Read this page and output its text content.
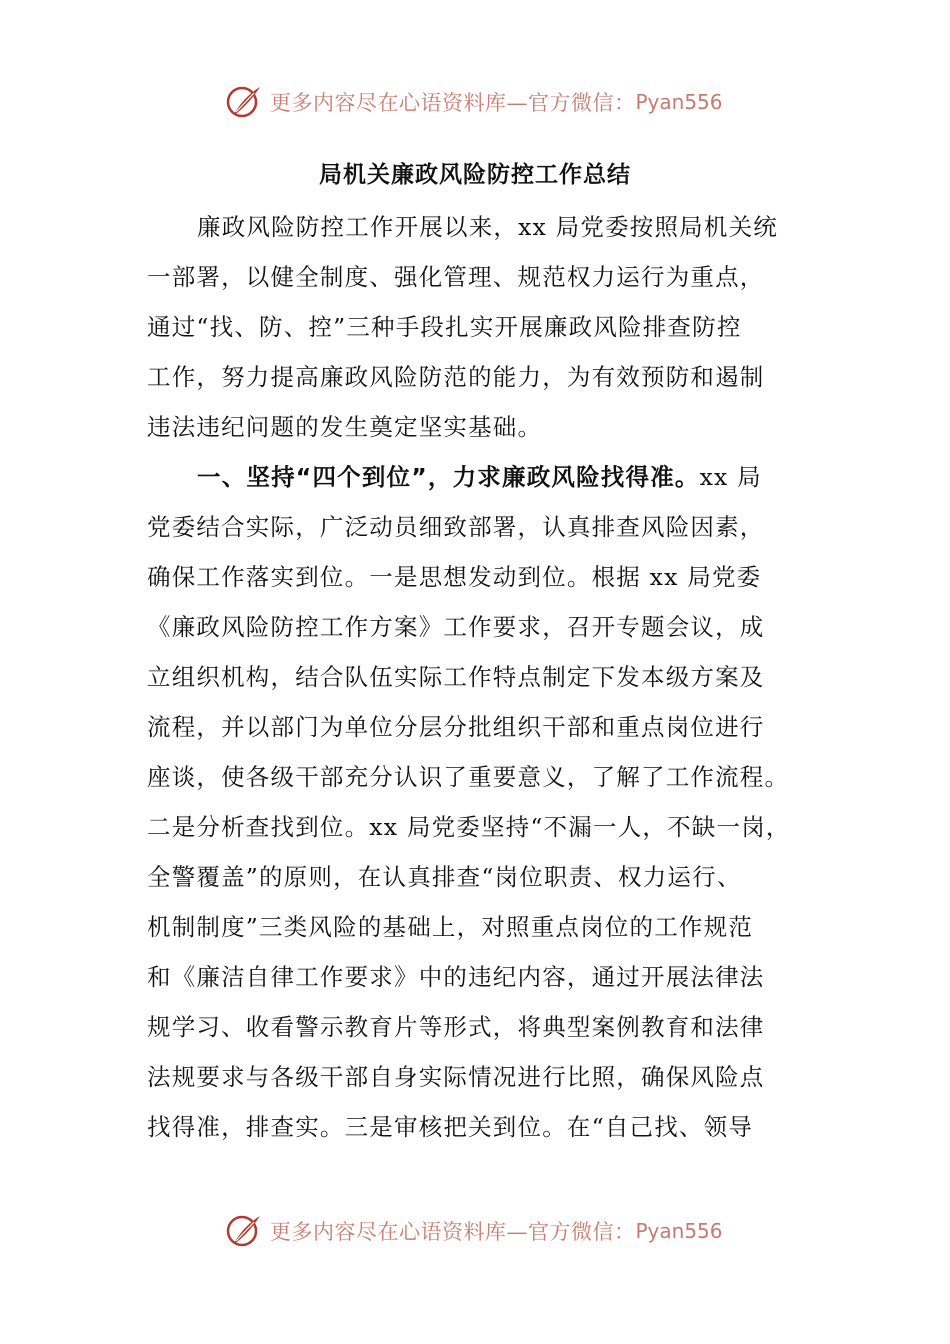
更多内容尽在心语资料库—官方微信： Pyan556
局机关廉政风险防控工作总结
廉政风险防控工作开展以来，xx 局党委按照局机关统
一部署，以健全制度、强化管理、规范权力运行为重点，
通过“找、防、控”三种手段扎实开展廉政风险排查防控
工作，努力提高廉政风险防范的能力，为有效预防和遏制
违法违纪问题的发生奠定坚实基础。
一、坚持“四个到位”，力求廉政风险找得准。xx 局
党委结合实际，广泛动员细致部署，认真排查风险因素，
确保工作落实到位。一是思想发动到位。根据 xx 局党委
《廉政风险防控工作方案》工作要求，召开专题会议，成
立组织机构，结合队伍实际工作特点制定下发本级方案及
流程，并以部门为单位分层分批组织干部和重点岗位进行
座谈，使各级干部充分认识了重要意义，了解了工作流程。
二是分析查找到位。xx 局党委坚持“不漏一人，不缺一岗，
全警覆盖”的原则，在认真排查“岗位职责、权力运行、
机制制度”三类风险的基础上，对照重点岗位的工作规范
和《廉洁自律工作要求》中的违纪内容，通过开展法律法
规学习、收看警示教育片等形式，将典型案例教育和法律
法规要求与各级干部自身实际情况进行比照，确保风险点
找得准，排查实。三是审核把关到位。在“自己找、领导
更多内容尽在心语资料库—官方微信： Pyan556
